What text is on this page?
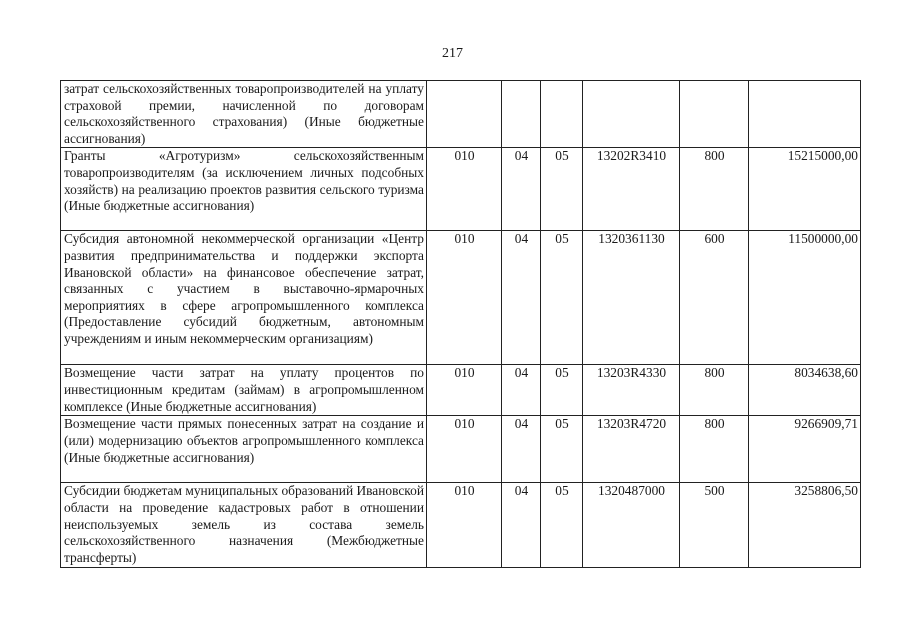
217
затрат сельскохозяйственных товаропроизводителей на уплату страховой премии, начисленной по договорам сельскохозяйственного страхования) (Иные бюджетные ассигнования)						
Гранты «Агротуризм» сельскохозяйственным товаропроизводителям (за исключением личных подсобных хозяйств) на реализацию проектов развития сельского туризма (Иные бюджетные ассигнования)	010	04	05	13202R3410	800	15215000,00
Субсидия автономной некоммерческой организации «Центр развития предпринимательства и поддержки экспорта Ивановской области» на финансовое обеспечение затрат, связанных с участием в выставочно-ярмарочных мероприятиях в сфере агропромышленного комплекса (Предоставление субсидий бюджетным, автономным учреждениям и иным некоммерческим организациям)	010	04	05	1320361130	600	11500000,00
Возмещение части затрат на уплату процентов по инвестиционным кредитам (займам) в агропромышленном комплексе (Иные бюджетные ассигнования)	010	04	05	13203R4330	800	8034638,60
Возмещение части прямых понесенных затрат на создание и (или) модернизацию объектов агропромышленного комплекса (Иные бюджетные ассигнования)	010	04	05	13203R4720	800	9266909,71
Субсидии бюджетам муниципальных образований Ивановской области на проведение кадастровых работ в отношении неиспользуемых земель из состава земель сельскохозяйственного назначения (Межбюджетные трансферты)	010	04	05	1320487000	500	3258806,50
